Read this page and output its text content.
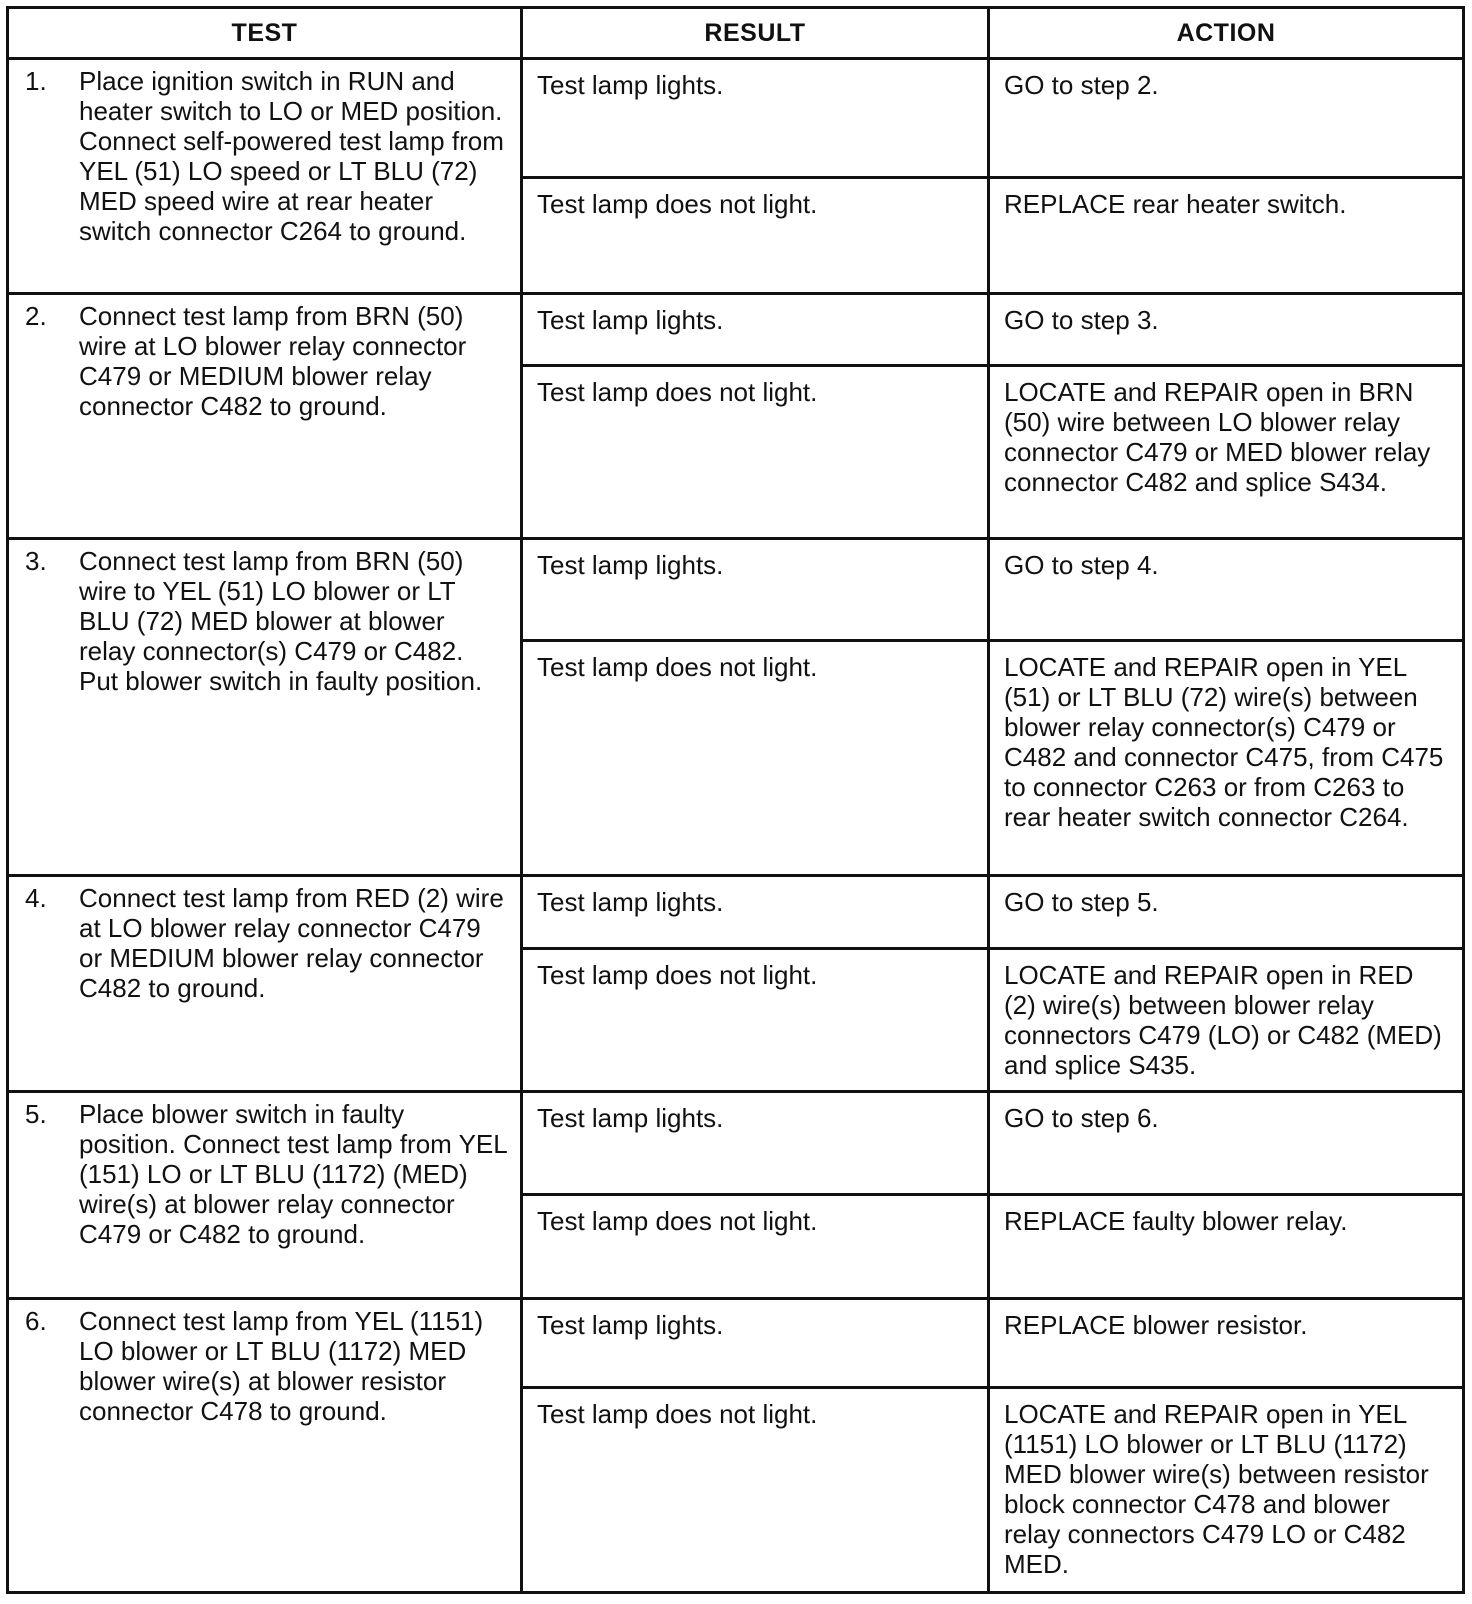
TEST	RESULT	ACTION

1. Place ignition switch in RUN and heater switch to LO or MED position. Connect self-powered test lamp from YEL (51) LO speed or LT BLU (72) MED speed wire at rear heater switch connector C264 to ground.	Test lamp lights.	GO to step 2.
	Test lamp does not light.	REPLACE rear heater switch.

2. Connect test lamp from BRN (50) wire at LO blower relay connector C479 or MEDIUM blower relay connector C482 to ground.	Test lamp lights.	GO to step 3.
	Test lamp does not light.	LOCATE and REPAIR open in BRN (50) wire between LO blower relay connector C479 or MED blower relay connector C482 and splice S434.

3. Connect test lamp from BRN (50) wire to YEL (51) LO blower or LT BLU (72) MED blower at blower relay connector(s) C479 or C482. Put blower switch in faulty position.	Test lamp lights.	GO to step 4.
	Test lamp does not light.	LOCATE and REPAIR open in YEL (51) or LT BLU (72) wire(s) between blower relay connector(s) C479 or C482 and connector C475, from C475 to connector C263 or from C263 to rear heater switch connector C264.

4. Connect test lamp from RED (2) wire at LO blower relay connector C479 or MEDIUM blower relay connector C482 to ground.	Test lamp lights.	GO to step 5.
	Test lamp does not light.	LOCATE and REPAIR open in RED (2) wire(s) between blower relay connectors C479 (LO) or C482 (MED) and splice S435.

5. Place blower switch in faulty position. Connect test lamp from YEL (151) LO or LT BLU (1172) (MED) wire(s) at blower relay connector C479 or C482 to ground.	Test lamp lights.	GO to step 6.
	Test lamp does not light.	REPLACE faulty blower relay.

6. Connect test lamp from YEL (1151) LO blower or LT BLU (1172) MED blower wire(s) at blower resistor connector C478 to ground.	Test lamp lights.	REPLACE blower resistor.
	Test lamp does not light.	LOCATE and REPAIR open in YEL (1151) LO blower or LT BLU (1172) MED blower wire(s) between resistor block connector C478 and blower relay connectors C479 LO or C482 MED.
